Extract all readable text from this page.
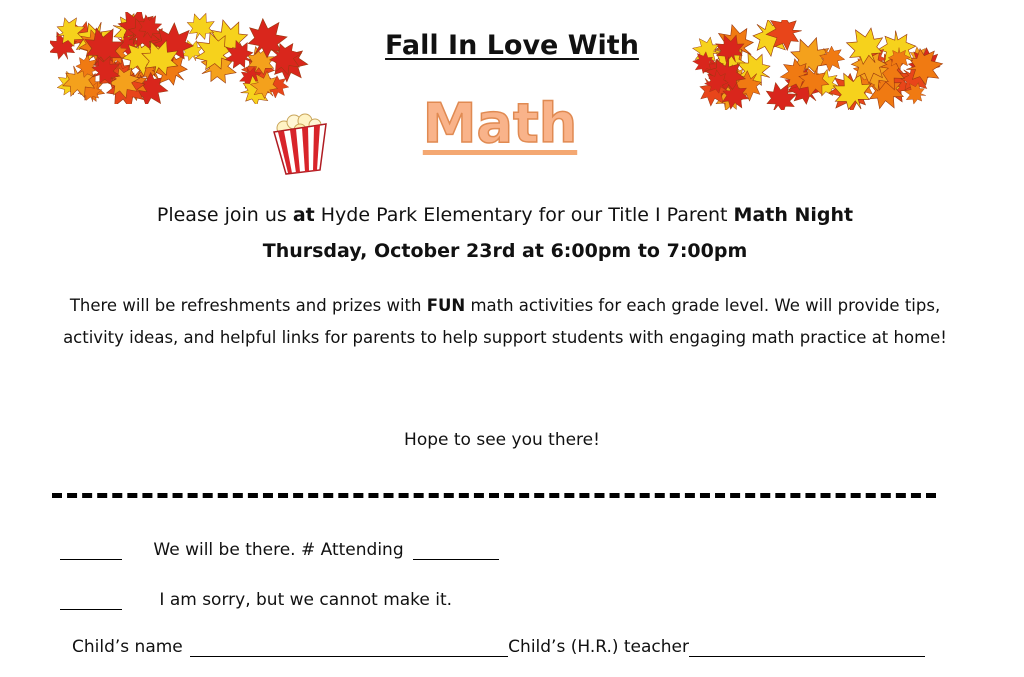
Fall In Love With
Math
Please join us at Hyde Park Elementary for our Title I Parent Math Night
Thursday, October 23rd at 6:00pm to 7:00pm
There will be refreshments and prizes with FUN math activities for each grade level. We will provide tips, activity ideas, and helpful links for parents to help support students with engaging math practice at home!
Hope to see you there!
We will be there. # Attending
I am sorry, but we cannot make it.
Child’s name	Child’s (H.R.) teacher
